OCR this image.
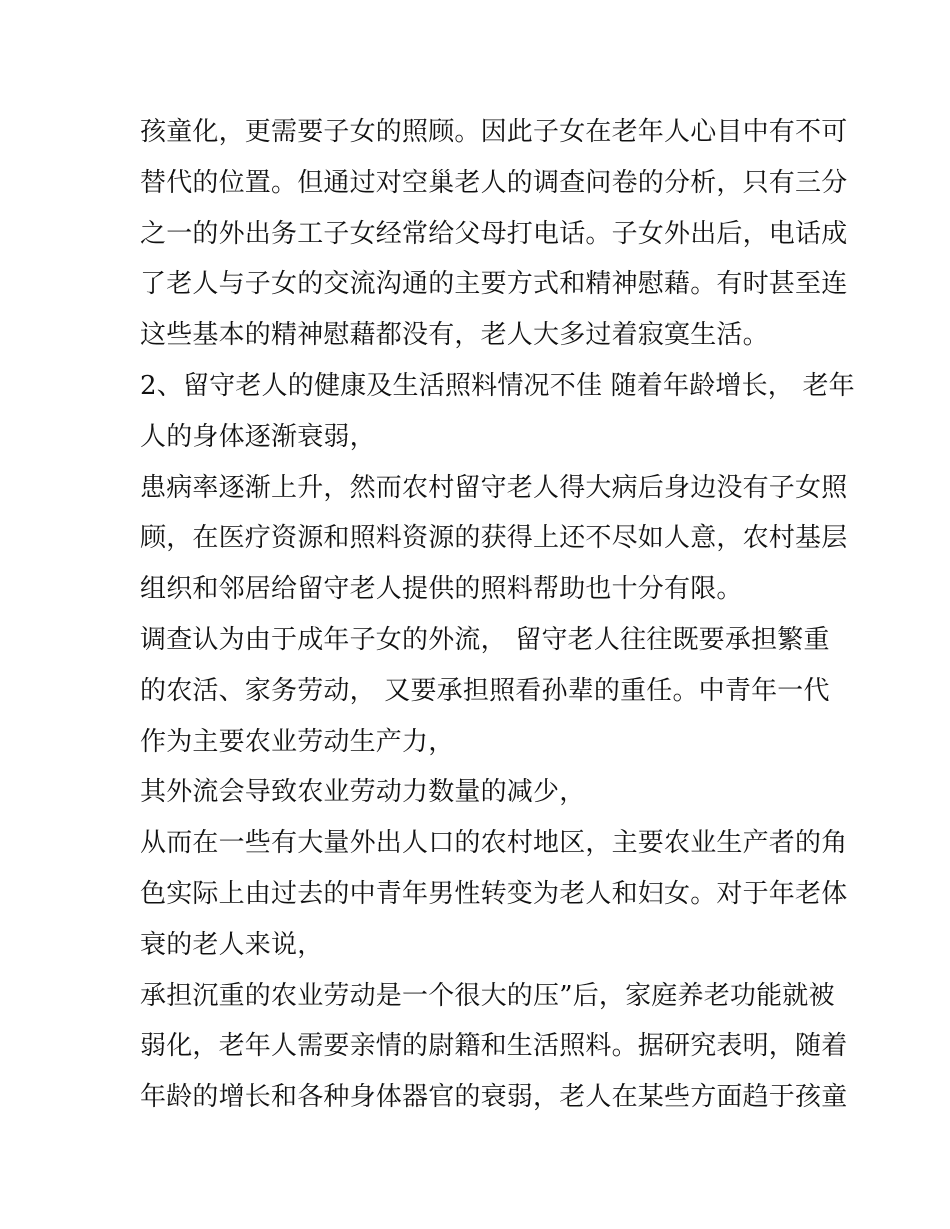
孩童化，更需要子女的照顾。因此子女在老年人心目中有不可
替代的位置。但通过对空巢老人的调查问卷的分析，只有三分
之一的外出务工子女经常给父母打电话。子女外出后，电话成
了老人与子女的交流沟通的主要方式和精神慰藉。有时甚至连
这些基本的精神慰藉都没有，老人大多过着寂寞生活。
2、留守老人的健康及生活照料情况不佳 随着年龄增长， 老年
人的身体逐渐衰弱，
患病率逐渐上升，然而农村留守老人得大病后身边没有子女照
顾，在医疗资源和照料资源的获得上还不尽如人意，农村基层
组织和邻居给留守老人提供的照料帮助也十分有限。
调查认为由于成年子女的外流， 留守老人往往既要承担繁重
的农活、家务劳动， 又要承担照看孙辈的重任。中青年一代
作为主要农业劳动生产力，
其外流会导致农业劳动力数量的减少，
从而在一些有大量外出人口的农村地区，主要农业生产者的角
色实际上由过去的中青年男性转变为老人和妇女。对于年老体
衰的老人来说，
承担沉重的农业劳动是一个很大的压”后，家庭养老功能就被
弱化，老年人需要亲情的尉籍和生活照料。据研究表明，随着
年龄的增长和各种身体器官的衰弱，老人在某些方面趋于孩童
